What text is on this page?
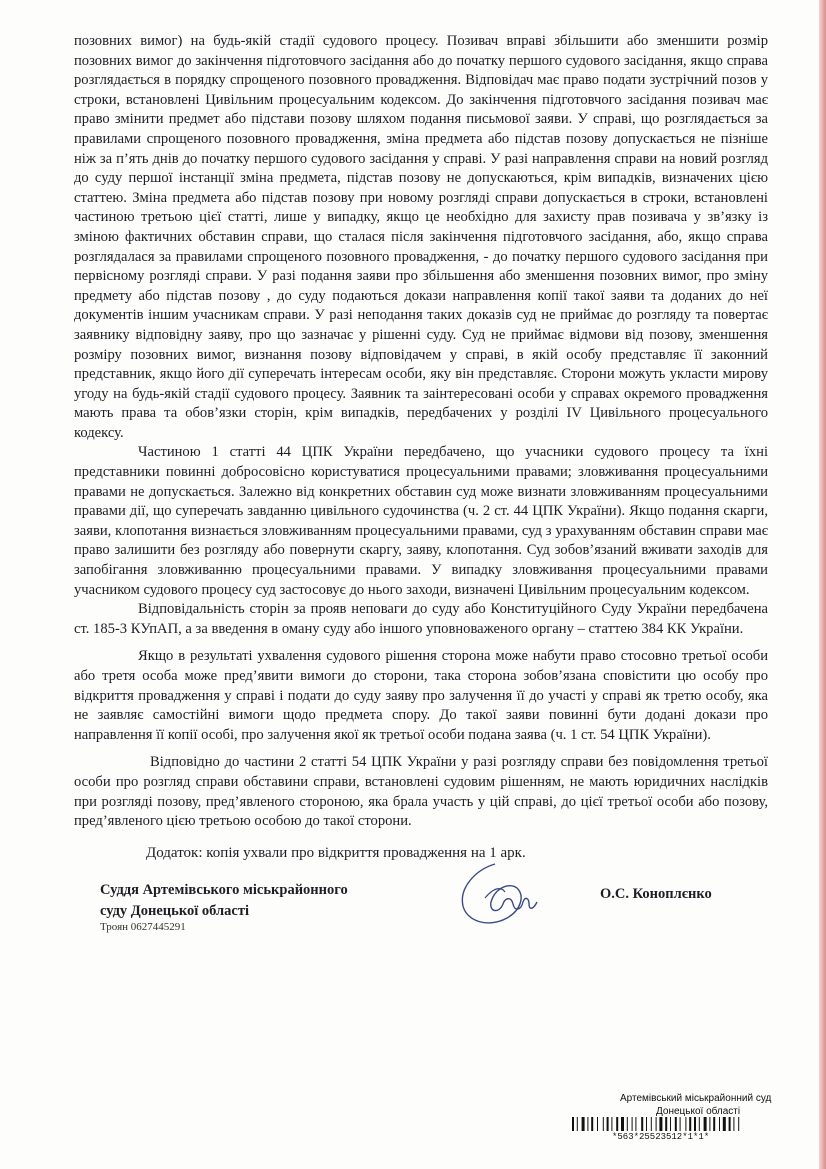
позовних вимог) на будь-якій стадії судового процесу. Позивач вправі збільшити або зменшити розмір позовних вимог до закінчення підготовчого засідання або до початку першого судового засідання, якщо справа розглядається в порядку спрощеного позовного провадження. Відповідач має право подати зустрічний позов у строки, встановлені Цивільним процесуальним кодексом. До закінчення підготовчого засідання позивач має право змінити предмет або підстави позову шляхом подання письмової заяви. У справі, що розглядається за правилами спрощеного позовного провадження, зміна предмета або підстав позову допускається не пізніше ніж за п’ять днів до початку першого судового засідання у справі. У разі направлення справи на новий розгляд до суду першої інстанції зміна предмета, підстав позову не допускаються, крім випадків, визначених цією статтею. Зміна предмета або підстав позову при новому розгляді справи допускається в строки, встановлені частиною третьою цієї статті, лише у випадку, якщо це необхідно для захисту прав позивача у зв’язку із зміною фактичних обставин справи, що сталася після закінчення підготовчого засідання, або, якщо справа розглядалася за правилами спрощеного позовного провадження, - до початку першого судового засідання при первісному розгляді справи. У разі подання заяви про збільшення або зменшення позовних вимог, про зміну предмету або підстав позову , до суду подаються докази направлення копії такої заяви та доданих до неї документів іншим учасникам справи. У разі неподання таких доказів суд не приймає до розгляду та повертає заявнику відповідну заяву, про що зазначає у рішенні суду. Суд не приймає відмови від позову, зменшення розміру позовних вимог, визнання позову відповідачем у справі, в якій особу представляє її законний представник, якщо його дії суперечать інтересам особи, яку він представляє. Сторони можуть укласти мирову угоду на будь-якій стадії судового процесу. Заявник та заінтересовані особи у справах окремого провадження мають права та обов’язки сторін, крім випадків, передбачених у розділі IV Цивільного процесуального кодексу.

Частиною 1 статті 44 ЦПК України передбачено, що учасники судового процесу та їхні представники повинні добросовісно користуватися процесуальними правами; зловживання процесуальними правами не допускається. Залежно від конкретних обставин суд може визнати зловживанням процесуальними правами дії, що суперечать завданню цивільного судочинства (ч. 2 ст. 44 ЦПК України). Якщо подання скарги, заяви, клопотання визнається зловживанням процесуальними правами, суд з урахуванням обставин справи має право залишити без розгляду або повернути скаргу, заяву, клопотання. Суд зобов’язаний вживати заходів для запобігання зловживанню процесуальними правами. У випадку зловживання процесуальними правами учасником судового процесу суд застосовує до нього заходи, визначені Цивільним процесуальним кодексом.

Відповідальність сторін за прояв неповаги до суду або Конституційного Суду України передбачена ст. 185-3 КУпАП, а за введення в оману суду або іншого уповноваженого органу – статтею 384 КК України.

Якщо в результаті ухвалення судового рішення сторона може набути право стосовно третьої особи або третя особа може пред’явити вимоги до сторони, така сторона зобов’язана сповістити цю особу про відкриття провадження у справі і подати до суду заяву про залучення її до участі у справі як третю особу, яка не заявляє самостійні вимоги щодо предмета спору. До такої заяви повинні бути додані докази про направлення її копії особі, про залучення якої як третьої особи подана заява (ч. 1 ст. 54 ЦПК України).

Відповідно до частини 2 статті 54 ЦПК України у разі розгляду справи без повідомлення третьої особи про розгляд справи обставини справи, встановлені судовим рішенням, не мають юридичних наслідків при розгляді позову, пред’явленого стороною, яка брала участь у цій справі, до цієї третьої особи або позову, пред’явленого цією третьою особою до такої сторони.

Додаток: копія ухвали про відкриття провадження на 1 арк.
Суддя Артемівського міськрайонного
суду Донецької області
Троян 0627445291
О.С. Коноплєнко
Артемівський міськрайонний суд
Донецької області
*563*25523512*1*1*
